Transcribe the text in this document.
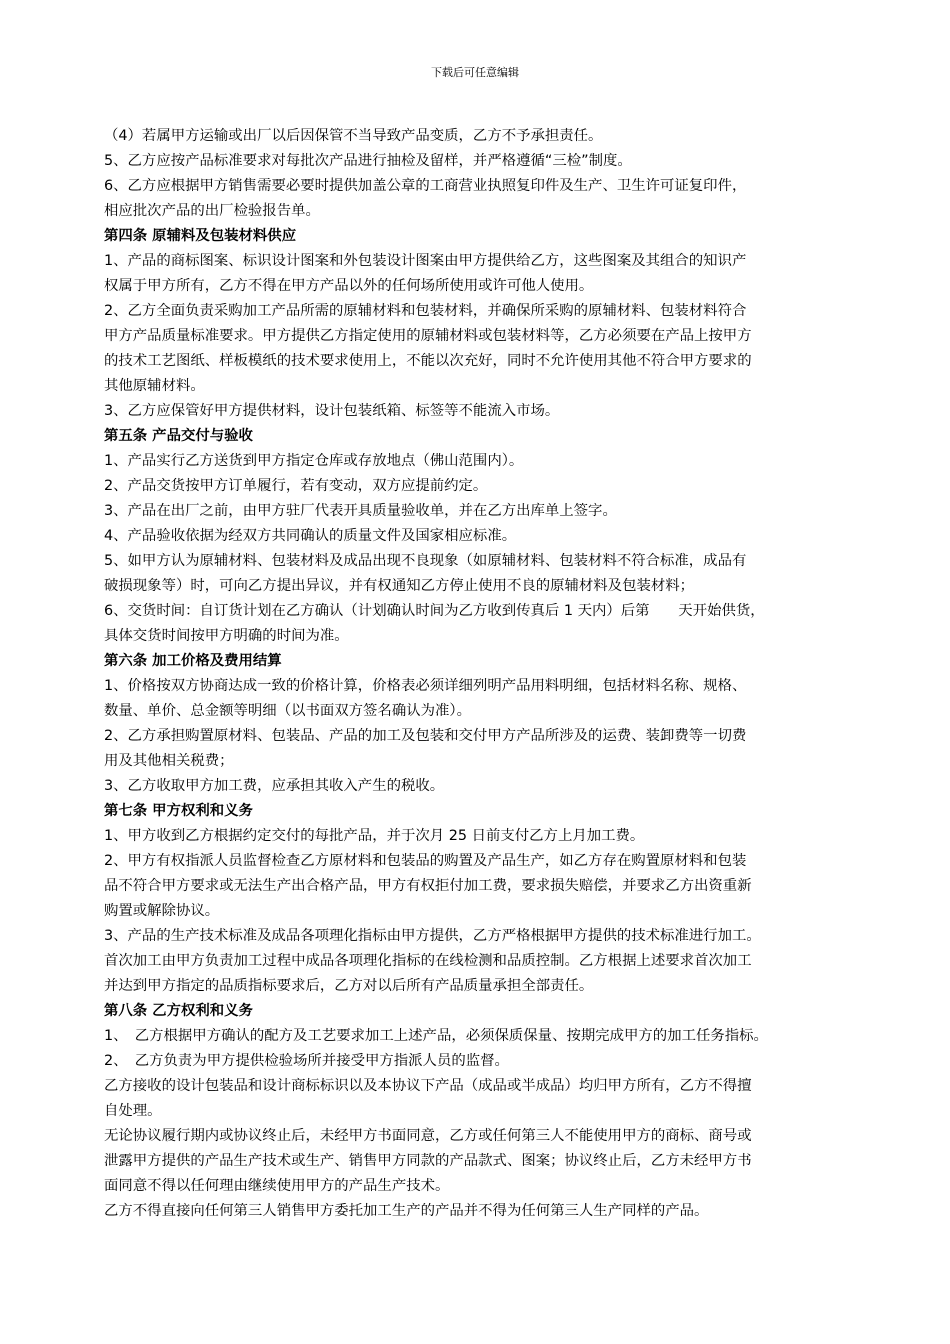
下载后可任意编辑
（4）若属甲方运输或出厂以后因保管不当导致产品变质，乙方不予承担责任。
5、乙方应按产品标准要求对每批次产品进行抽检及留样，并严格遵循“三检”制度。
6、乙方应根据甲方销售需要必要时提供加盖公章的工商营业执照复印件及生产、卫生许可证复印件，
相应批次产品的出厂检验报告单。
第四条 原辅料及包装材料供应
1、产品的商标图案、标识设计图案和外包装设计图案由甲方提供给乙方，这些图案及其组合的知识产
权属于甲方所有，乙方不得在甲方产品以外的任何场所使用或许可他人使用。
2、乙方全面负责采购加工产品所需的原辅材料和包装材料，并确保所采购的原辅材料、包装材料符合
甲方产品质量标准要求。甲方提供乙方指定使用的原辅材料或包装材料等，乙方必须要在产品上按甲方
的技术工艺图纸、样板模纸的技术要求使用上，不能以次充好，同时不允许使用其他不符合甲方要求的
其他原辅材料。
3、乙方应保管好甲方提供材料，设计包装纸箱、标签等不能流入市场。
第五条 产品交付与验收
1、产品实行乙方送货到甲方指定仓库或存放地点（佛山范围内）。
2、产品交货按甲方订单履行，若有变动，双方应提前约定。
3、产品在出厂之前，由甲方驻厂代表开具质量验收单，并在乙方出库单上签字。
4、产品验收依据为经双方共同确认的质量文件及国家相应标准。
5、如甲方认为原辅材料、包装材料及成品出现不良现象（如原辅材料、包装材料不符合标准，成品有
破损现象等）时，可向乙方提出异议，并有权通知乙方停止使用不良的原辅材料及包装材料；
6、交货时间：自订货计划在乙方确认（计划确认时间为乙方收到传真后 1 天内）后第　　天开始供货，
具体交货时间按甲方明确的时间为准。
第六条 加工价格及费用结算
1、价格按双方协商达成一致的价格计算，价格表必须详细列明产品用料明细，包括材料名称、规格、
数量、单价、总金额等明细（以书面双方签名确认为准）。
2、乙方承担购置原材料、包装品、产品的加工及包装和交付甲方产品所涉及的运费、装卸费等一切费
用及其他相关税费；
3、乙方收取甲方加工费，应承担其收入产生的税收。
第七条 甲方权利和义务
1、甲方收到乙方根据约定交付的每批产品，并于次月 25 日前支付乙方上月加工费。
2、甲方有权指派人员监督检查乙方原材料和包装品的购置及产品生产，如乙方存在购置原材料和包装
品不符合甲方要求或无法生产出合格产品，甲方有权拒付加工费，要求损失赔偿，并要求乙方出资重新
购置或解除协议。
3、产品的生产技术标准及成品各项理化指标由甲方提供，乙方严格根据甲方提供的技术标准进行加工。
首次加工由甲方负责加工过程中成品各项理化指标的在线检测和品质控制。乙方根据上述要求首次加工
并达到甲方指定的品质指标要求后，乙方对以后所有产品质量承担全部责任。
第八条 乙方权利和义务
1、　乙方根据甲方确认的配方及工艺要求加工上述产品，必须保质保量、按期完成甲方的加工任务指标。
2、　乙方负责为甲方提供检验场所并接受甲方指派人员的监督。
乙方接收的设计包装品和设计商标标识以及本协议下产品（成品或半成品）均归甲方所有，乙方不得擅
自处理。
无论协议履行期内或协议终止后，未经甲方书面同意，乙方或任何第三人不能使用甲方的商标、商号或
泄露甲方提供的产品生产技术或生产、销售甲方同款的产品款式、图案；协议终止后，乙方未经甲方书
面同意不得以任何理由继续使用甲方的产品生产技术。
乙方不得直接向任何第三人销售甲方委托加工生产的产品并不得为任何第三人生产同样的产品。
